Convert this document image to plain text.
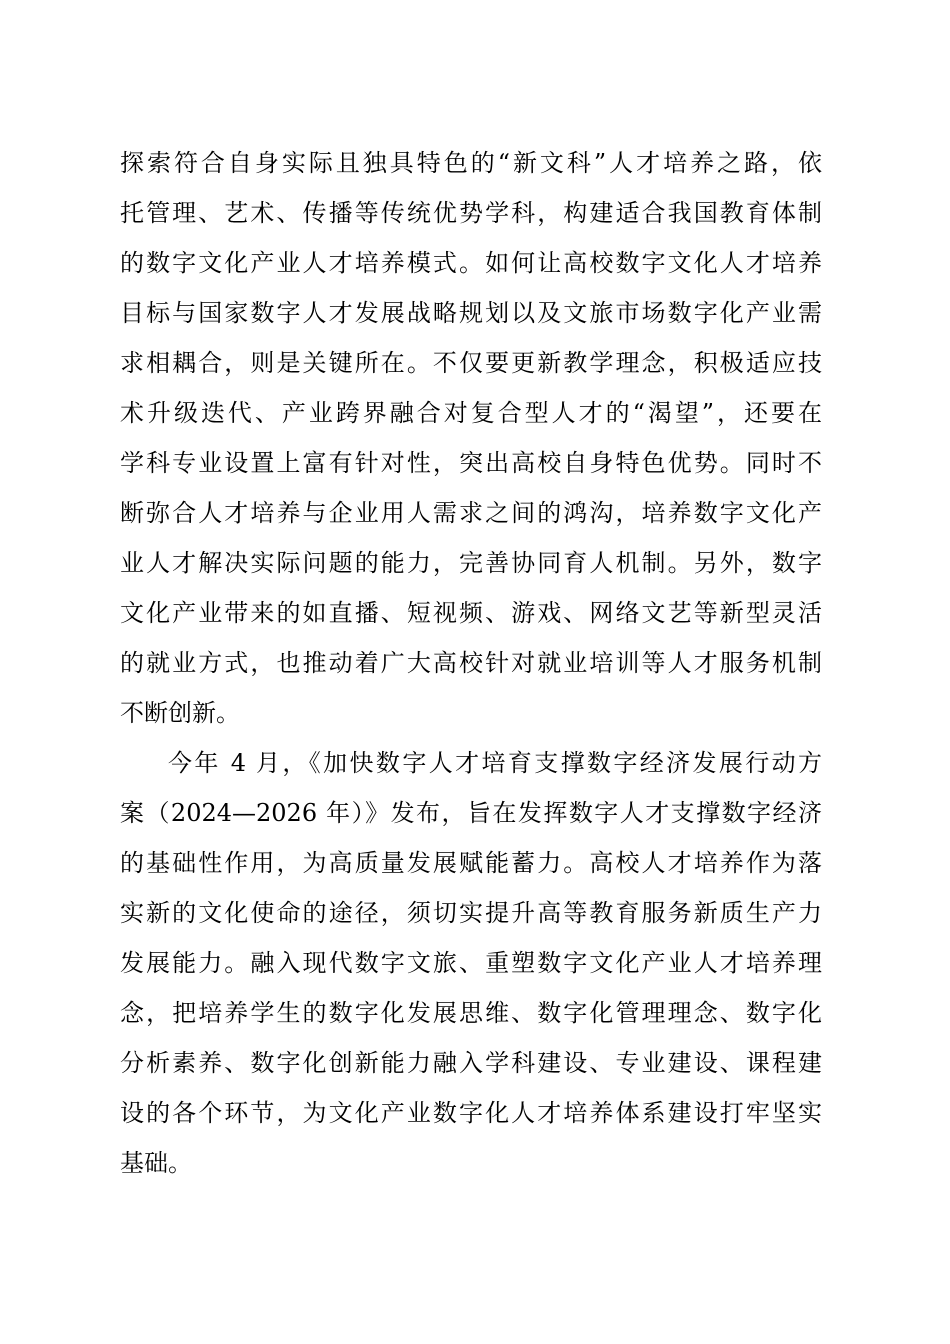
探索符合自身实际且独具特色的“新文科”人才培养之路，依
托管理、艺术、传播等传统优势学科，构建适合我国教育体制
的数字文化产业人才培养模式。如何让高校数字文化人才培养
目标与国家数字人才发展战略规划以及文旅市场数字化产业需
求相耦合，则是关键所在。不仅要更新教学理念，积极适应技
术升级迭代、产业跨界融合对复合型人才的“渴望”，还要在
学科专业设置上富有针对性，突出高校自身特色优势。同时不
断弥合人才培养与企业用人需求之间的鸿沟，培养数字文化产
业人才解决实际问题的能力，完善协同育人机制。另外，数字
文化产业带来的如直播、短视频、游戏、网络文艺等新型灵活
的就业方式，也推动着广大高校针对就业培训等人才服务机制
不断创新。
今年 4 月，《加快数字人才培育支撑数字经济发展行动方
案（2024—2026 年）》发布，旨在发挥数字人才支撑数字经济
的基础性作用，为高质量发展赋能蓄力。高校人才培养作为落
实新的文化使命的途径，须切实提升高等教育服务新质生产力
发展能力。融入现代数字文旅、重塑数字文化产业人才培养理
念，把培养学生的数字化发展思维、数字化管理理念、数字化
分析素养、数字化创新能力融入学科建设、专业建设、课程建
设的各个环节，为文化产业数字化人才培养体系建设打牢坚实
基础。
